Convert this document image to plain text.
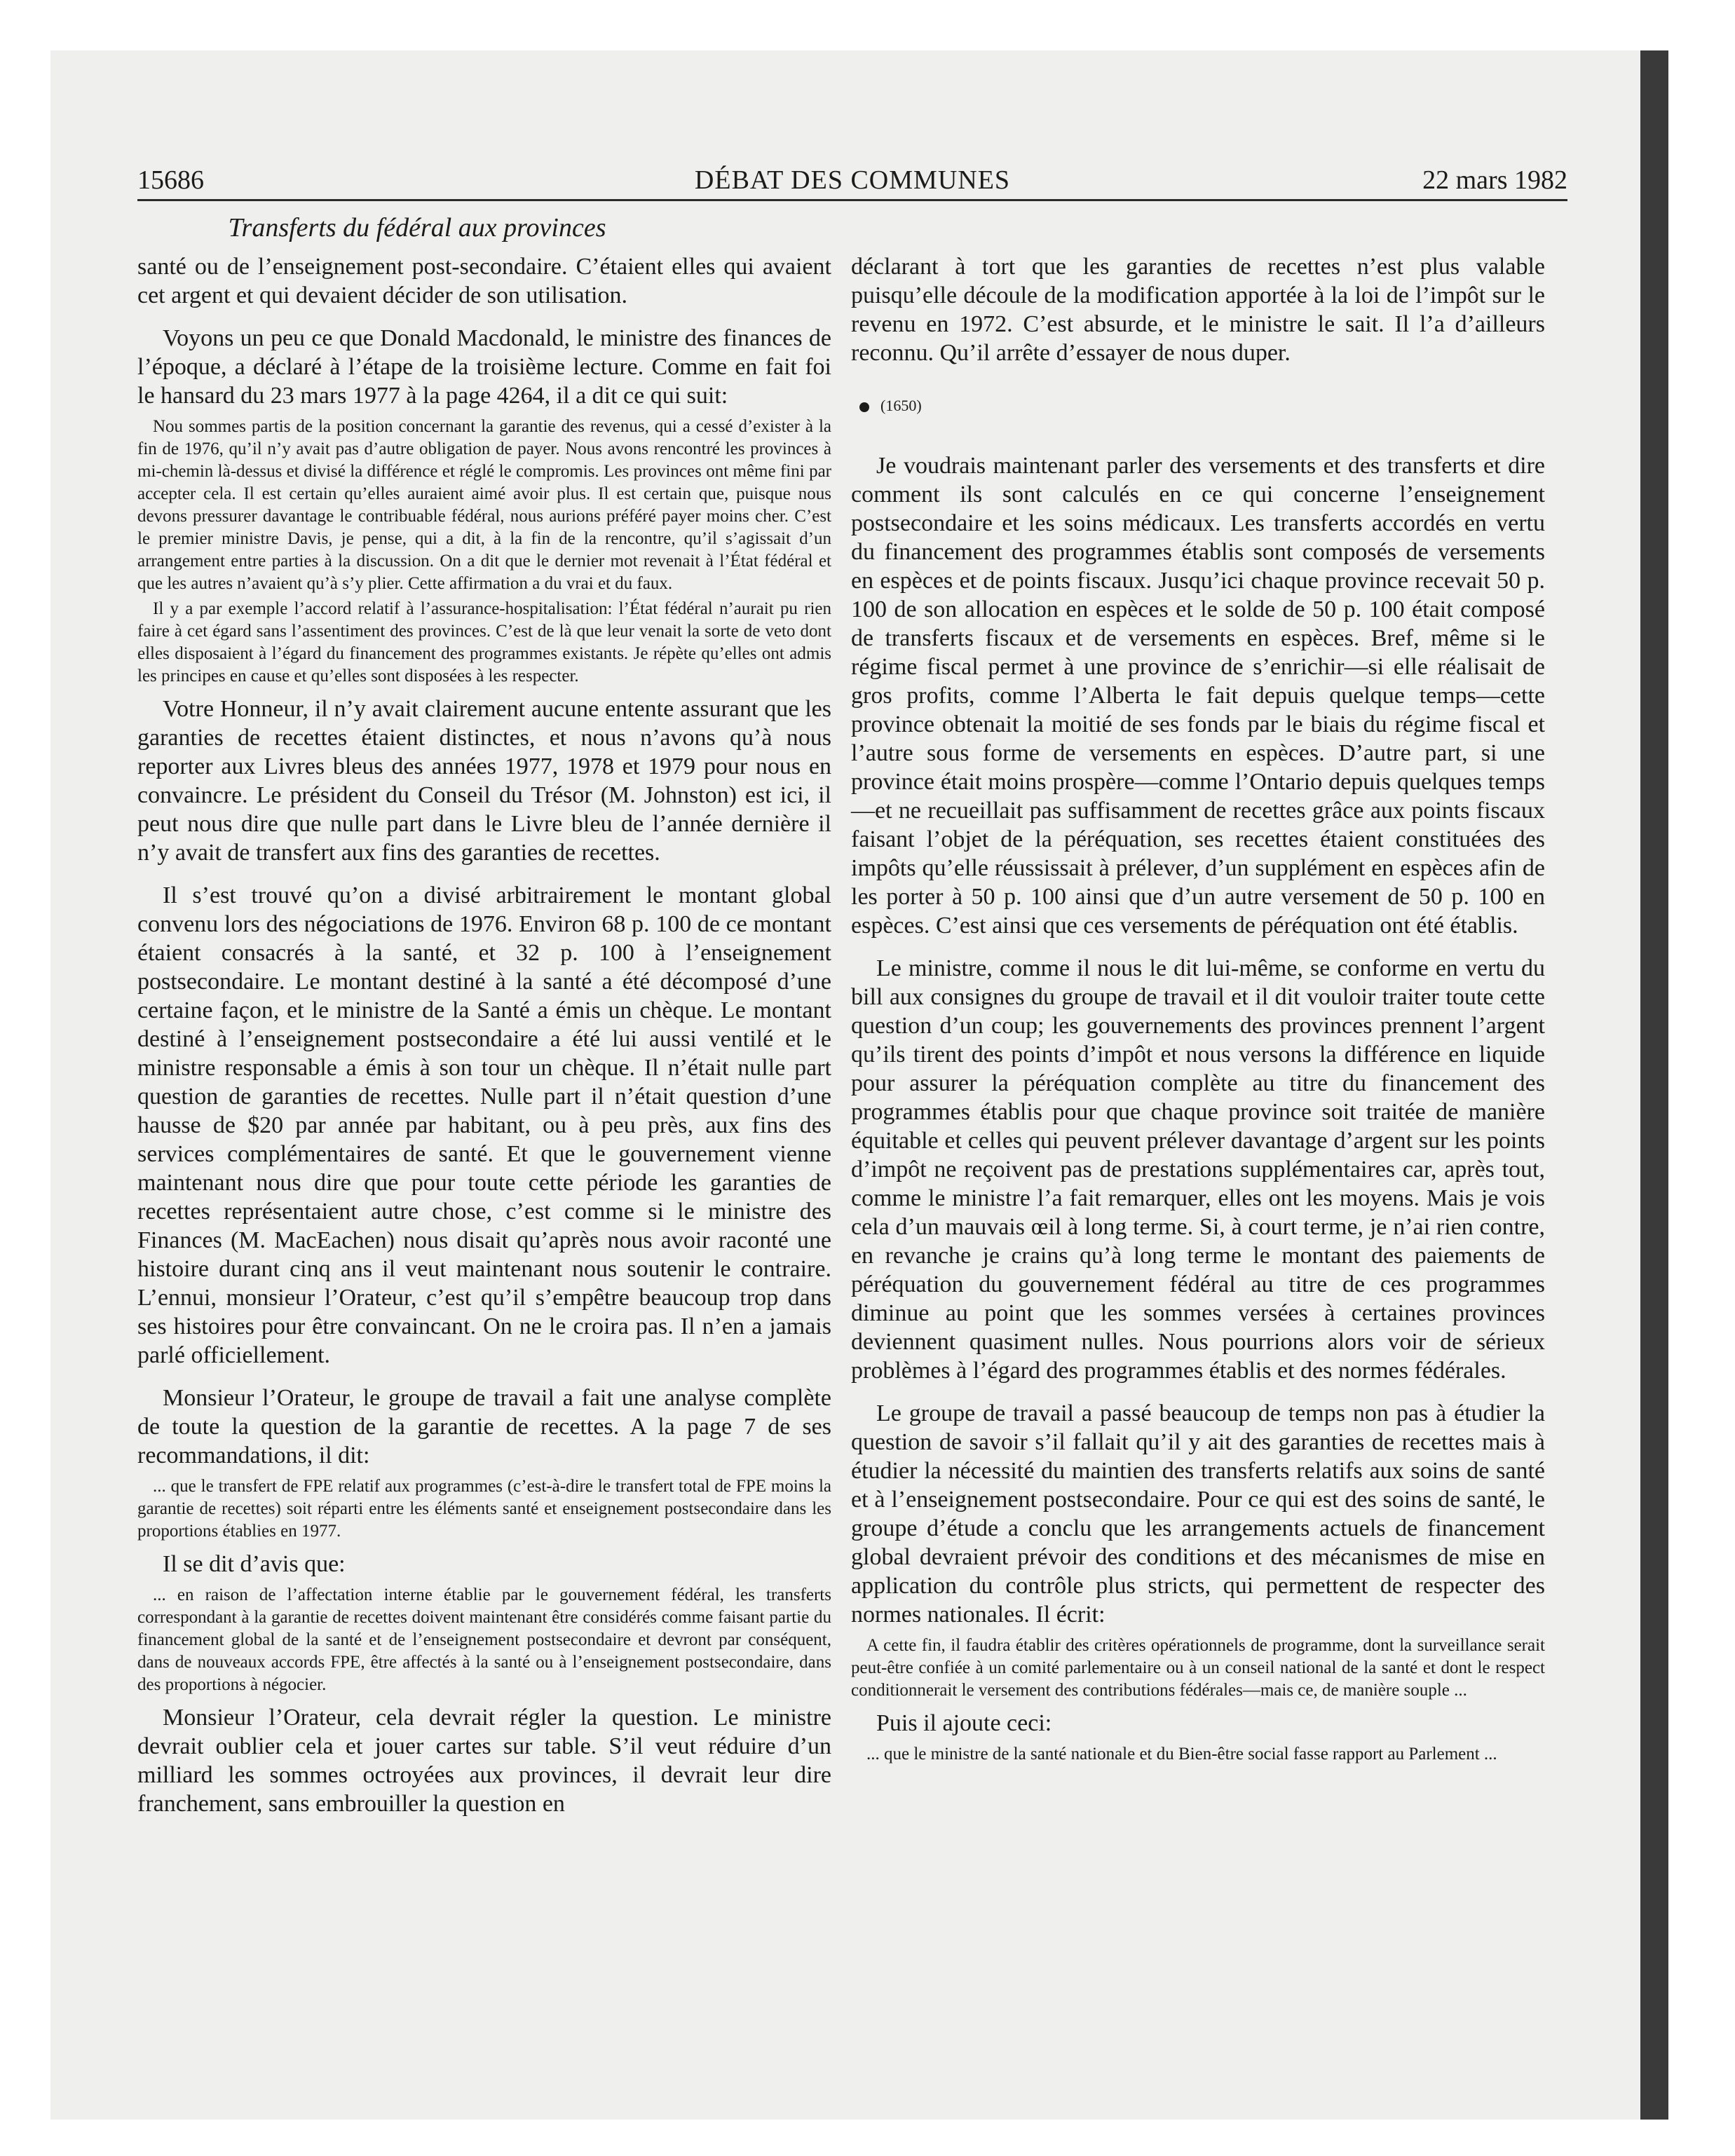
15686	DÉBAT DES COMMUNES	22 mars 1982
Transferts du fédéral aux provinces

santé ou de l’enseignement post-secondaire. C’étaient elles qui avaient cet argent et qui devaient décider de son utilisation.

Voyons un peu ce que Donald Macdonald, le ministre des finances de l’époque, a déclaré à l’étape de la troisième lecture. Comme en fait foi le hansard du 23 mars 1977 à la page 4264, il a dit ce qui suit:

Nou sommes partis de la position concernant la garantie des revenus, qui a cessé d’exister à la fin de 1976, qu’il n’y avait pas d’autre obligation de payer. Nous avons rencontré les provinces à mi-chemin là-dessus et divisé la différence et réglé le compromis. Les provinces ont même fini par accepter cela. Il est certain qu’elles auraient aimé avoir plus. Il est certain que, puisque nous devons pressurer davantage le contribuable fédéral, nous aurions préféré payer moins cher. C’est le premier ministre Davis, je pense, qui a dit, à la fin de la rencontre, qu’il s’agissait d’un arrangement entre parties à la discussion. On a dit que le dernier mot revenait à l’État fédéral et que les autres n’avaient qu’à s’y plier. Cette affirmation a du vrai et du faux.

Il y a par exemple l’accord relatif à l’assurance-hospitalisation: l’État fédéral n’aurait pu rien faire à cet égard sans l’assentiment des provinces. C’est de là que leur venait la sorte de veto dont elles disposaient à l’égard du financement des programmes existants. Je répète qu’elles ont admis les principes en cause et qu’elles sont disposées à les respecter.

Votre Honneur, il n’y avait clairement aucune entente assurant que les garanties de recettes étaient distinctes, et nous n’avons qu’à nous reporter aux Livres bleus des années 1977, 1978 et 1979 pour nous en convaincre. Le président du Conseil du Trésor (M. Johnston) est ici, il peut nous dire que nulle part dans le Livre bleu de l’année dernière il n’y avait de transfert aux fins des garanties de recettes.

Il s’est trouvé qu’on a divisé arbitrairement le montant global convenu lors des négociations de 1976. Environ 68 p. 100 de ce montant étaient consacrés à la santé, et 32 p. 100 à l’enseignement postsecondaire. Le montant destiné à la santé a été décomposé d’une certaine façon, et le ministre de la Santé a émis un chèque. Le montant destiné à l’enseignement postsecondaire a été lui aussi ventilé et le ministre responsable a émis à son tour un chèque. Il n’était nulle part question de garanties de recettes. Nulle part il n’était question d’une hausse de $20 par année par habitant, ou à peu près, aux fins des services complémentaires de santé. Et que le gouvernement vienne maintenant nous dire que pour toute cette période les garanties de recettes représentaient autre chose, c’est comme si le ministre des Finances (M. MacEachen) nous disait qu’après nous avoir raconté une histoire durant cinq ans il veut maintenant nous soutenir le contraire. L’ennui, monsieur l’Orateur, c’est qu’il s’empêtre beaucoup trop dans ses histoires pour être convaincant. On ne le croira pas. Il n’en a jamais parlé officiellement.

Monsieur l’Orateur, le groupe de travail a fait une analyse complète de toute la question de la garantie de recettes. A la page 7 de ses recommandations, il dit:

... que le transfert de FPE relatif aux programmes (c’est-à-dire le transfert total de FPE moins la garantie de recettes) soit réparti entre les éléments santé et enseignement postsecondaire dans les proportions établies en 1977.

Il se dit d’avis que:

... en raison de l’affectation interne établie par le gouvernement fédéral, les transferts correspondant à la garantie de recettes doivent maintenant être considérés comme faisant partie du financement global de la santé et de l’enseignement postsecondaire et devront par conséquent, dans de nouveaux accords FPE, être affectés à la santé ou à l’enseignement postsecondaire, dans des proportions à négocier.

Monsieur l’Orateur, cela devrait régler la question. Le ministre devrait oublier cela et jouer cartes sur table. S’il veut réduire d’un milliard les sommes octroyées aux provinces, il devrait leur dire franchement, sans embrouiller la question en

déclarant à tort que les garanties de recettes n’est plus valable puisqu’elle découle de la modification apportée à la loi de l’impôt sur le revenu en 1972. C’est absurde, et le ministre le sait. Il l’a d’ailleurs reconnu. Qu’il arrête d’essayer de nous duper.

(1650)

Je voudrais maintenant parler des versements et des transferts et dire comment ils sont calculés en ce qui concerne l’enseignement postsecondaire et les soins médicaux. Les transferts accordés en vertu du financement des programmes établis sont composés de versements en espèces et de points fiscaux. Jusqu’ici chaque province recevait 50 p. 100 de son allocation en espèces et le solde de 50 p. 100 était composé de transferts fiscaux et de versements en espèces. Bref, même si le régime fiscal permet à une province de s’enrichir—si elle réalisait de gros profits, comme l’Alberta le fait depuis quelque temps—cette province obtenait la moitié de ses fonds par le biais du régime fiscal et l’autre sous forme de versements en espèces. D’autre part, si une province était moins prospère—comme l’Ontario depuis quelques temps—et ne recueillait pas suffisamment de recettes grâce aux points fiscaux faisant l’objet de la péréquation, ses recettes étaient constituées des impôts qu’elle réussissait à prélever, d’un supplément en espèces afin de les porter à 50 p. 100 ainsi que d’un autre versement de 50 p. 100 en espèces. C’est ainsi que ces versements de péréquation ont été établis.

Le ministre, comme il nous le dit lui-même, se conforme en vertu du bill aux consignes du groupe de travail et il dit vouloir traiter toute cette question d’un coup; les gouvernements des provinces prennent l’argent qu’ils tirent des points d’impôt et nous versons la différence en liquide pour assurer la péréquation complète au titre du financement des programmes établis pour que chaque province soit traitée de manière équitable et celles qui peuvent prélever davantage d’argent sur les points d’impôt ne reçoivent pas de prestations supplémentaires car, après tout, comme le ministre l’a fait remarquer, elles ont les moyens. Mais je vois cela d’un mauvais œil à long terme. Si, à court terme, je n’ai rien contre, en revanche je crains qu’à long terme le montant des paiements de péréquation du gouvernement fédéral au titre de ces programmes diminue au point que les sommes versées à certaines provinces deviennent quasiment nulles. Nous pourrions alors voir de sérieux problèmes à l’égard des programmes établis et des normes fédérales.

Le groupe de travail a passé beaucoup de temps non pas à étudier la question de savoir s’il fallait qu’il y ait des garanties de recettes mais à étudier la nécessité du maintien des transferts relatifs aux soins de santé et à l’enseignement postsecondaire. Pour ce qui est des soins de santé, le groupe d’étude a conclu que les arrangements actuels de financement global devraient prévoir des conditions et des mécanismes de mise en application du contrôle plus stricts, qui permettent de respecter des normes nationales. Il écrit:

A cette fin, il faudra établir des critères opérationnels de programme, dont la surveillance serait peut-être confiée à un comité parlementaire ou à un conseil national de la santé et dont le respect conditionnerait le versement des contributions fédérales—mais ce, de manière souple ...

Puis il ajoute ceci:

... que le ministre de la santé nationale et du Bien-être social fasse rapport au Parlement ...
